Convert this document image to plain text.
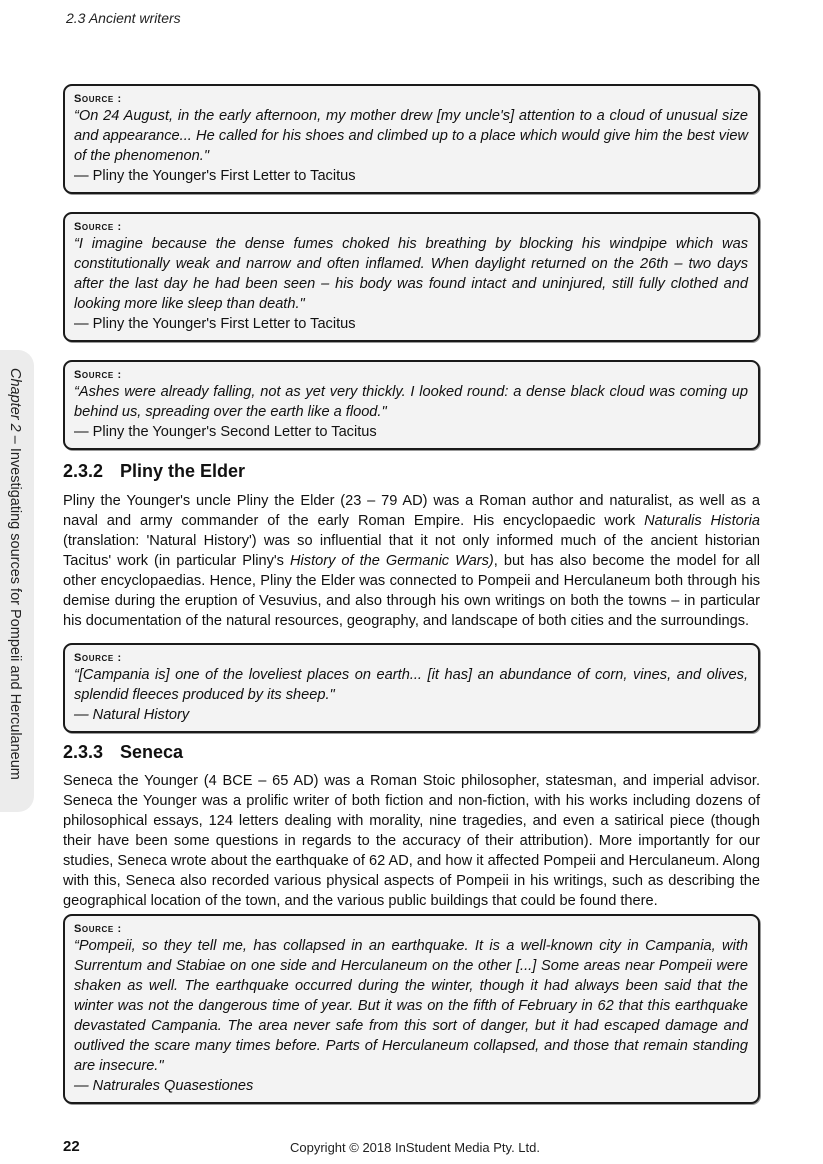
2.3 Ancient writers
Chapter 2 – Investigating sources for Pompeii and Herculaneum
Source :
“On 24 August, in the early afternoon, my mother drew [my uncle's] attention to a cloud of unusual size and appearance... He called for his shoes and climbed up to a place which would give him the best view of the phenomenon."
— Pliny the Younger's First Letter to Tacitus
Source :
“I imagine because the dense fumes choked his breathing by blocking his windpipe which was constitutionally weak and narrow and often inflamed. When daylight returned on the 26th – two days after the last day he had been seen – his body was found intact and uninjured, still fully clothed and looking more like sleep than death."
— Pliny the Younger's First Letter to Tacitus
Source :
“Ashes were already falling, not as yet very thickly. I looked round: a dense black cloud was coming up behind us, spreading over the earth like a flood."
— Pliny the Younger's Second Letter to Tacitus
2.3.2 Pliny the Elder
Pliny the Younger's uncle Pliny the Elder (23 – 79 AD) was a Roman author and naturalist, as well as a naval and army commander of the early Roman Empire. His encyclopaedic work Naturalis Historia (translation: 'Natural History') was so influential that it not only informed much of the ancient historian Tacitus' work (in particular Pliny's History of the Germanic Wars), but has also become the model for all other encyclopaedias. Hence, Pliny the Elder was connected to Pompeii and Herculaneum both through his demise during the eruption of Vesuvius, and also through his own writings on both the towns – in particular his documentation of the natural resources, geography, and landscape of both cities and the surroundings.
Source :
“[Campania is] one of the loveliest places on earth... [it has] an abundance of corn, vines, and olives, splendid fleeces produced by its sheep."
— Natural History
2.3.3 Seneca
Seneca the Younger (4 BCE – 65 AD) was a Roman Stoic philosopher, statesman, and imperial advisor. Seneca the Younger was a prolific writer of both fiction and non-fiction, with his works including dozens of philosophical essays, 124 letters dealing with morality, nine tragedies, and even a satirical piece (though their have been some questions in regards to the accuracy of their attribution). More importantly for our studies, Seneca wrote about the earthquake of 62 AD, and how it affected Pompeii and Herculaneum. Along with this, Seneca also recorded various physical aspects of Pompeii in his writings, such as describing the geographical location of the town, and the various public buildings that could be found there.
Source :
“Pompeii, so they tell me, has collapsed in an earthquake. It is a well-known city in Campania, with Surrentum and Stabiae on one side and Herculaneum on the other [...] Some areas near Pompeii were shaken as well. The earthquake occurred during the winter, though it had always been said that the winter was not the dangerous time of year. But it was on the fifth of February in 62 that this earthquake devastated Campania. The area never safe from this sort of danger, but it had escaped damage and outlived the scare many times before. Parts of Herculaneum collapsed, and those that remain standing are insecure."
— Natrurales Quasestiones
22	Copyright © 2018 InStudent Media Pty. Ltd.
